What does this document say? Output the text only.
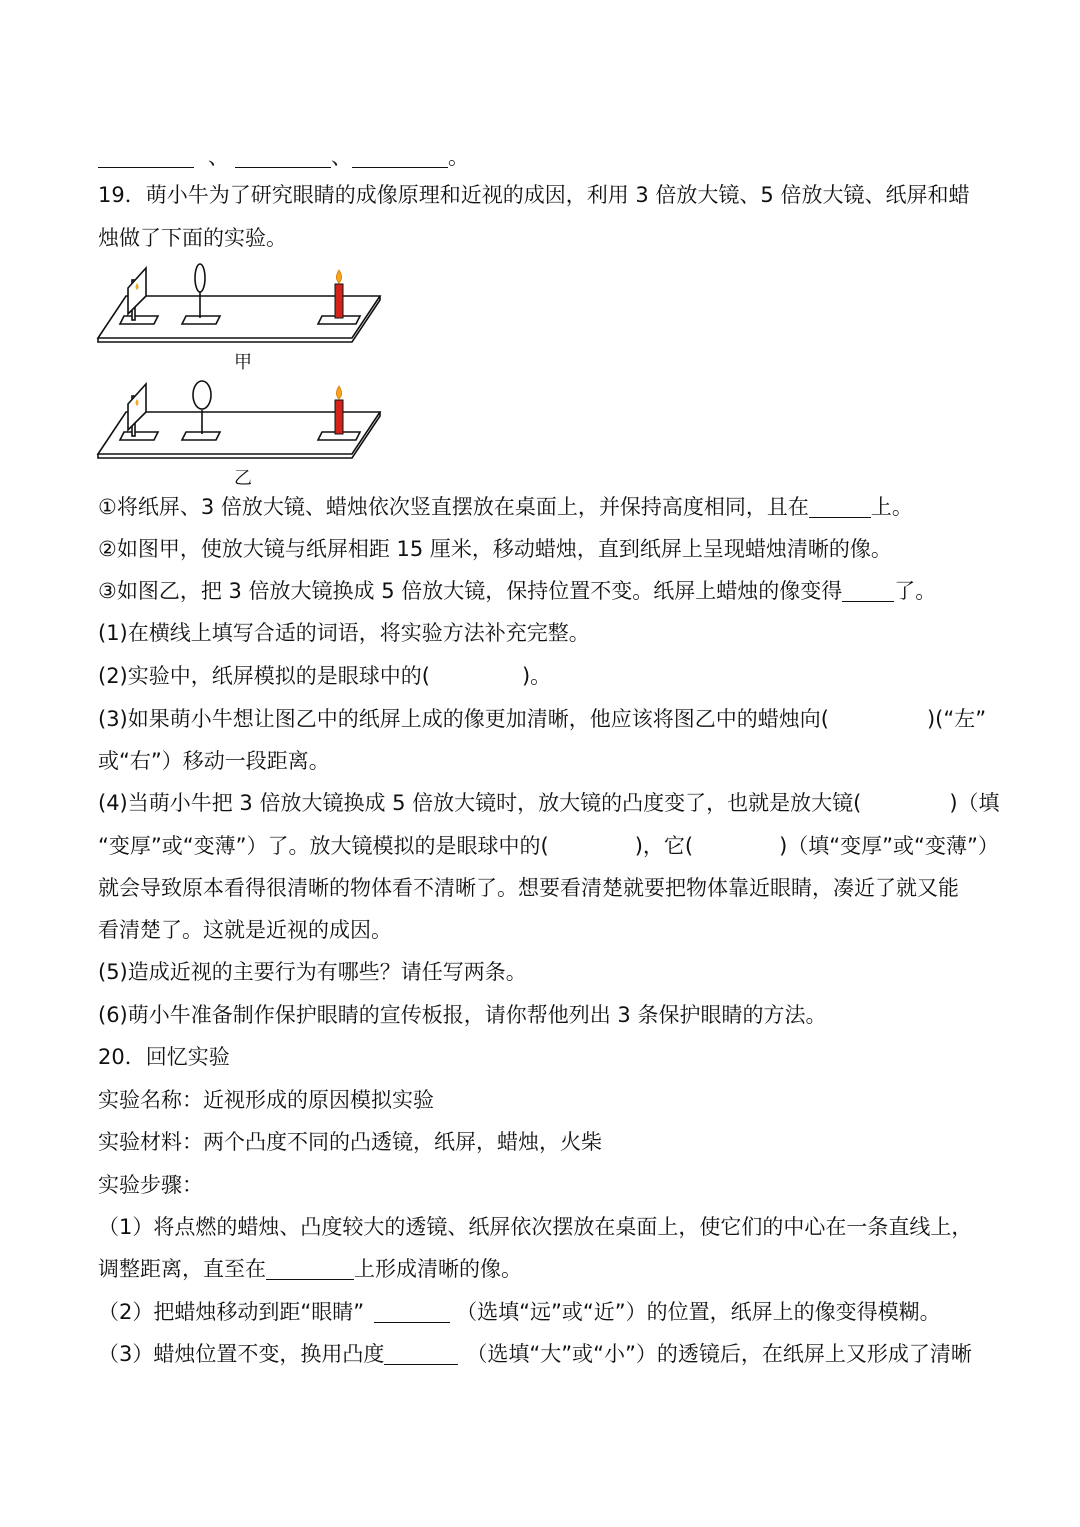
、	、	。
19．萌小牛为了研究眼睛的成像原理和近视的成因，利用 3 倍放大镜、5 倍放大镜、纸屏和蜡
烛做了下面的实验。
甲
乙
①将纸屏、3 倍放大镜、蜡烛依次竖直摆放在桌面上，并保持高度相同，且在	上。
②如图甲，使放大镜与纸屏相距 15 厘米，移动蜡烛，直到纸屏上呈现蜡烛清晰的像。
③如图乙，把 3 倍放大镜换成 5 倍放大镜，保持位置不变。纸屏上蜡烛的像变得 了。
(1)在横线上填写合适的词语，将实验方法补充完整。
(2)实验中，纸屏模拟的是眼球中的(	)。
(3)如果萌小牛想让图乙中的纸屏上成的像更加清晰，他应该将图乙中的蜡烛向(	)(“左”
或“右”）移动一段距离。
(4)当萌小牛把 3 倍放大镜换成 5 倍放大镜时，放大镜的凸度变了，也就是放大镜(	)（填
“变厚”或“变薄”）了。放大镜模拟的是眼球中的(	)，它(	)（填“变厚”或“变薄”）
就会导致原本看得很清晰的物体看不清晰了。想要看清楚就要把物体靠近眼睛，凑近了就又能
看清楚了。这就是近视的成因。
(5)造成近视的主要行为有哪些？请任写两条。
(6)萌小牛准备制作保护眼睛的宣传板报，请你帮他列出 3 条保护眼睛的方法。
20．回忆实验
实验名称：近视形成的原因模拟实验
实验材料：两个凸度不同的凸透镜，纸屏，蜡烛，火柴
实验步骤：
（1）将点燃的蜡烛、凸度较大的透镜、纸屏依次摆放在桌面上，使它们的中心在一条直线上，
调整距离，直至在	上形成清晰的像。
（2）把蜡烛移动到距“眼睛”	（选填“远”或“近”）的位置，纸屏上的像变得模糊。
（3）蜡烛位置不变，换用凸度	（选填“大”或“小”）的透镜后，在纸屏上又形成了清晰
